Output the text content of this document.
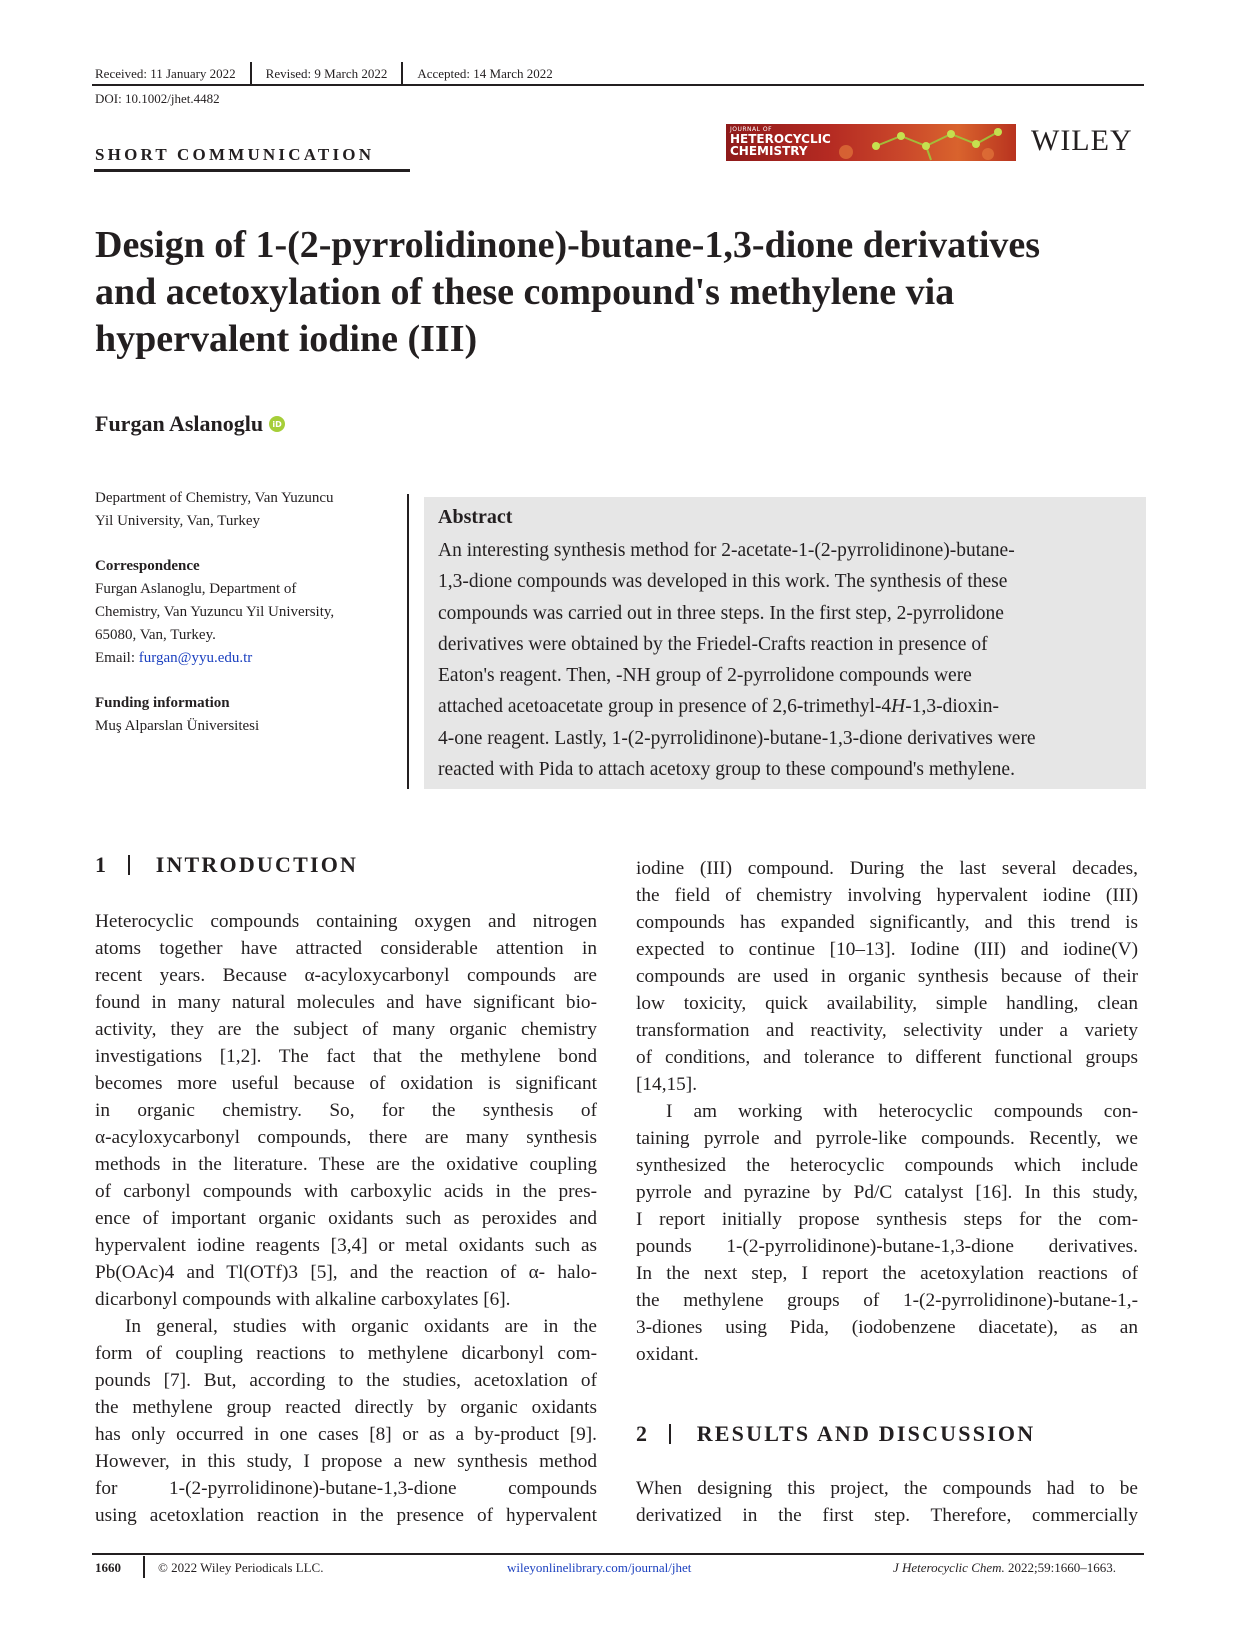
Received: 11 January 2022 Revised: 9 March 2022 Accepted: 14 March 2022
DOI: 10.1002/jhet.4482
SHORT COMMUNICATION
JOURNAL OF
HETEROCYCLIC
CHEMISTRY	WILEY
Design of 1-(2-pyrrolidinone)-butane-1,3-dione derivatives
and acetoxylation of these compound's methylene via
hypervalent iodine (III)
Furgan Aslanoglu	iD
Department of Chemistry, Van Yuzuncu
Yil University, Van, Turkey
Correspondence
Furgan Aslanoglu, Department of
Chemistry, Van Yuzuncu Yil University,
65080, Van, Turkey.
Email: furgan@yyu.edu.tr
Funding information
Muş Alparslan Üniversitesi
Abstract
An interesting synthesis method for 2-acetate-1-(2-pyrrolidinone)-butane-
1,3-dione compounds was developed in this work. The synthesis of these
compounds was carried out in three steps. In the first step, 2-pyrrolidone
derivatives were obtained by the Friedel-Crafts reaction in presence of
Eaton's reagent. Then, -NH group of 2-pyrrolidone compounds were
attached acetoacetate group in presence of 2,6-trimethyl-4H-1,3-dioxin-
4-one reagent. Lastly, 1-(2-pyrrolidinone)-butane-1,3-dione derivatives were
reacted with Pida to attach acetoxy group to these compound's methylene.
1 INTRODUCTION
Heterocyclic compounds containing oxygen and nitrogen
atoms together have attracted considerable attention in
recent years. Because α-acyloxycarbonyl compounds are
found in many natural molecules and have significant bio-
activity, they are the subject of many organic chemistry
investigations [1,2]. The fact that the methylene bond
becomes more useful because of oxidation is significant
in organic chemistry. So, for the synthesis of
α-acyloxycarbonyl compounds, there are many synthesis
methods in the literature. These are the oxidative coupling
of carbonyl compounds with carboxylic acids in the pres-
ence of important organic oxidants such as peroxides and
hypervalent iodine reagents [3,4] or metal oxidants such as
Pb(OAc)4 and Tl(OTf)3 [5], and the reaction of α- halo-
dicarbonyl compounds with alkaline carboxylates [6].
In general, studies with organic oxidants are in the
form of coupling reactions to methylene dicarbonyl com-
pounds [7]. But, according to the studies, acetoxlation of
the methylene group reacted directly by organic oxidants
has only occurred in one cases [8] or as a by-product [9].
However, in this study, I propose a new synthesis method
for 1-(2-pyrrolidinone)-butane-1,3-dione compounds
using acetoxlation reaction in the presence of hypervalent
iodine (III) compound. During the last several decades,
the field of chemistry involving hypervalent iodine (III)
compounds has expanded significantly, and this trend is
expected to continue [10–13]. Iodine (III) and iodine(V)
compounds are used in organic synthesis because of their
low toxicity, quick availability, simple handling, clean
transformation and reactivity, selectivity under a variety
of conditions, and tolerance to different functional groups
[14,15].
I am working with heterocyclic compounds con-
taining pyrrole and pyrrole-like compounds. Recently, we
synthesized the heterocyclic compounds which include
pyrrole and pyrazine by Pd/C catalyst [16]. In this study,
I report initially propose synthesis steps for the com-
pounds 1-(2-pyrrolidinone)-butane-1,3-dione derivatives.
In the next step, I report the acetoxylation reactions of
the methylene groups of 1-(2-pyrrolidinone)-butane-1,-
3-diones using Pida, (iodobenzene diacetate), as an
oxidant.
2 RESULTS AND DISCUSSION
When designing this project, the compounds had to be
derivatized in the first step. Therefore, commercially
1660	© 2022 Wiley Periodicals LLC.	wileyonlinelibrary.com/journal/jhet	J Heterocyclic Chem. 2022;59:1660–1663.
